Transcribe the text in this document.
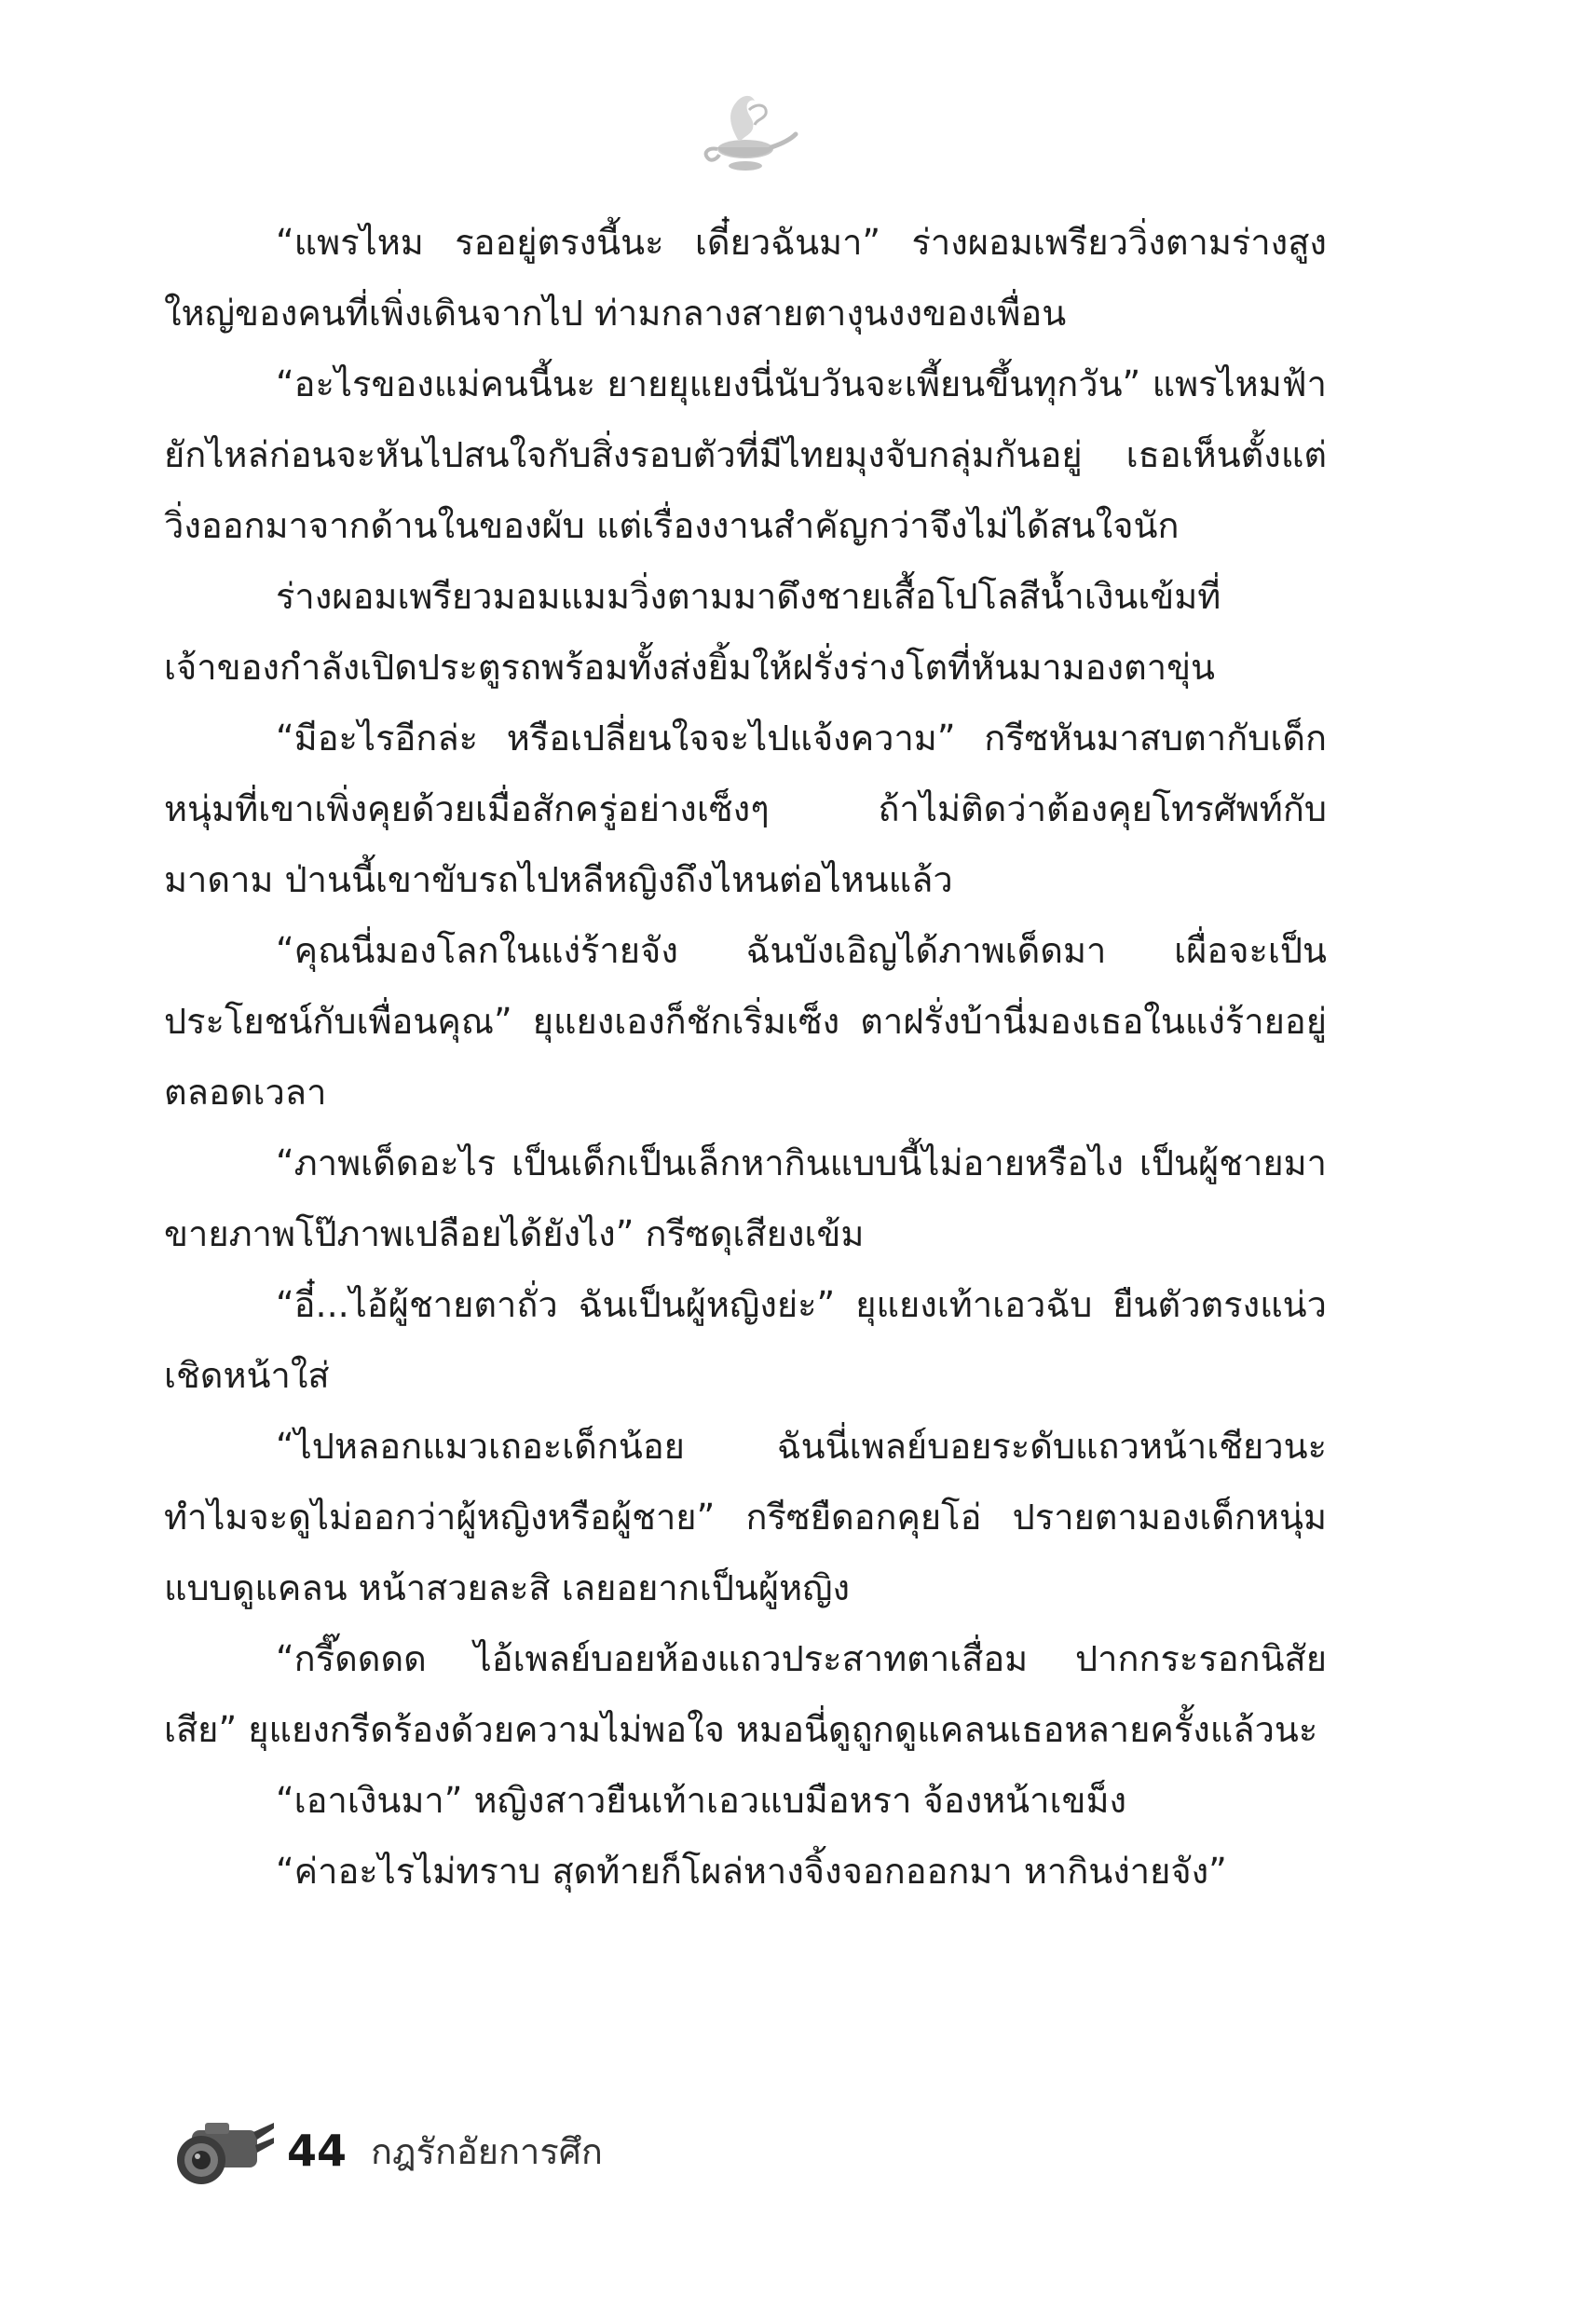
“แพรไหม รออยู่ตรงนี้นะ เดี๋ยวฉันมา” ร่างผอมเพรียววิ่งตามร่างสูงใหญ่ของคนที่เพิ่งเดินจากไป ท่ามกลางสายตางุนงงของเพื่อน

“อะไรของแม่คนนี้นะ ยายยุแยงนี่นับวันจะเพี้ยนขึ้นทุกวัน” แพรไหมฟ้ายักไหล่ก่อนจะหันไปสนใจกับสิ่งรอบตัวที่มีไทยมุงจับกลุ่มกันอยู่ เธอเห็นตั้งแต่วิ่งออกมาจากด้านในของผับ แต่เรื่องงานสำคัญกว่าจึงไม่ได้สนใจนัก

ร่างผอมเพรียวมอมแมมวิ่งตามมาดึงชายเสื้อโปโลสีน้ำเงินเข้มที่เจ้าของกำลังเปิดประตูรถพร้อมทั้งส่งยิ้มให้ฝรั่งร่างโตที่หันมามองตาขุ่น

“มีอะไรอีกล่ะ หรือเปลี่ยนใจจะไปแจ้งความ” กรีซหันมาสบตากับเด็กหนุ่มที่เขาเพิ่งคุยด้วยเมื่อสักครู่อย่างเซ็งๆ ถ้าไม่ติดว่าต้องคุยโทรศัพท์กับมาดาม ป่านนี้เขาขับรถไปหลีหญิงถึงไหนต่อไหนแล้ว

“คุณนี่มองโลกในแง่ร้ายจัง ฉันบังเอิญได้ภาพเด็ดมา เผื่อจะเป็นประโยชน์กับเพื่อนคุณ” ยุแยงเองก็ชักเริ่มเซ็ง ตาฝรั่งบ้านี่มองเธอในแง่ร้ายอยู่ตลอดเวลา

“ภาพเด็ดอะไร เป็นเด็กเป็นเล็กหากินแบบนี้ไม่อายหรือไง เป็นผู้ชายมาขายภาพโป๊ภาพเปลือยได้ยังไง” กรีซดุเสียงเข้ม

“อี๋...ไอ้ผู้ชายตาถั่ว ฉันเป็นผู้หญิงย่ะ” ยุแยงเท้าเอวฉับ ยืนตัวตรงแน่ว เชิดหน้าใส่

“ไปหลอกแมวเถอะเด็กน้อย ฉันนี่เพลย์บอยระดับแถวหน้าเชียวนะ ทำไมจะดูไม่ออกว่าผู้หญิงหรือผู้ชาย” กรีซยืดอกคุยโอ่ ปรายตามองเด็กหนุ่มแบบดูแคลน หน้าสวยละสิ เลยอยากเป็นผู้หญิง

“กรี๊ดดดด ไอ้เพลย์บอยห้องแถวประสาทตาเสื่อม ปากกระรอกนิสัยเสีย” ยุแยงกรีดร้องด้วยความไม่พอใจ หมอนี่ดูถูกดูแคลนเธอหลายครั้งแล้วนะ

“เอาเงินมา” หญิงสาวยืนเท้าเอวแบมือหรา จ้องหน้าเขม็ง

“ค่าอะไรไม่ทราบ สุดท้ายก็โผล่หางจิ้งจอกออกมา หากินง่ายจัง”

44 กฎรักอัยการศึก
